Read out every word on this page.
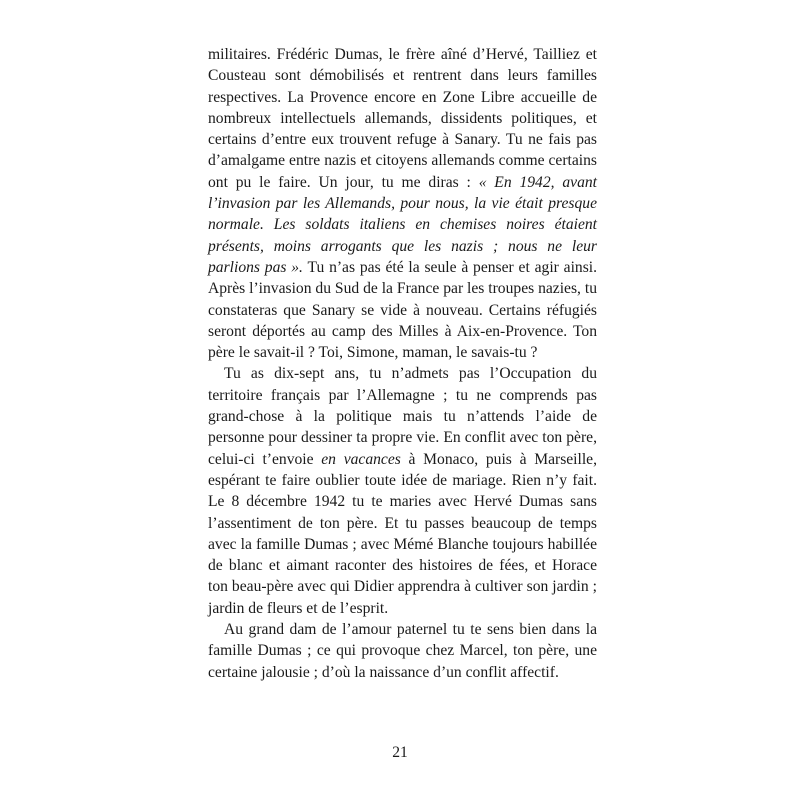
militaires. Frédéric Dumas, le frère aîné d’Hervé, Tailliez et Cousteau sont démobilisés et rentrent dans leurs familles respectives. La Provence encore en Zone Libre accueille de nombreux intellectuels allemands, dissidents politiques, et certains d’entre eux trouvent refuge à Sanary. Tu ne fais pas d’amalgame entre nazis et citoyens allemands comme certains ont pu le faire. Un jour, tu me diras : « En 1942, avant l’invasion par les Allemands, pour nous, la vie était presque normale. Les soldats italiens en chemises noires étaient présents, moins arrogants que les nazis ; nous ne leur parlions pas ». Tu n’as pas été la seule à penser et agir ainsi. Après l’invasion du Sud de la France par les troupes nazies, tu constateras que Sanary se vide à nouveau. Certains réfugiés seront déportés au camp des Milles à Aix-en-Provence. Ton père le savait-il ? Toi, Simone, maman, le savais-tu ?

Tu as dix-sept ans, tu n’admets pas l’Occupation du territoire français par l’Allemagne ; tu ne comprends pas grand-chose à la politique mais tu n’attends l’aide de personne pour dessiner ta propre vie. En conflit avec ton père, celui-ci t’envoie en vacances à Monaco, puis à Marseille, espérant te faire oublier toute idée de mariage. Rien n’y fait. Le 8 décembre 1942 tu te maries avec Hervé Dumas sans l’assentiment de ton père. Et tu passes beaucoup de temps avec la famille Dumas ; avec Mémé Blanche toujours habillée de blanc et aimant raconter des histoires de fées, et Horace ton beau-père avec qui Didier apprendra à cultiver son jardin ; jardin de fleurs et de l’esprit.

Au grand dam de l’amour paternel tu te sens bien dans la famille Dumas ; ce qui provoque chez Marcel, ton père, une certaine jalousie ; d’où la naissance d’un conflit affectif.

21
